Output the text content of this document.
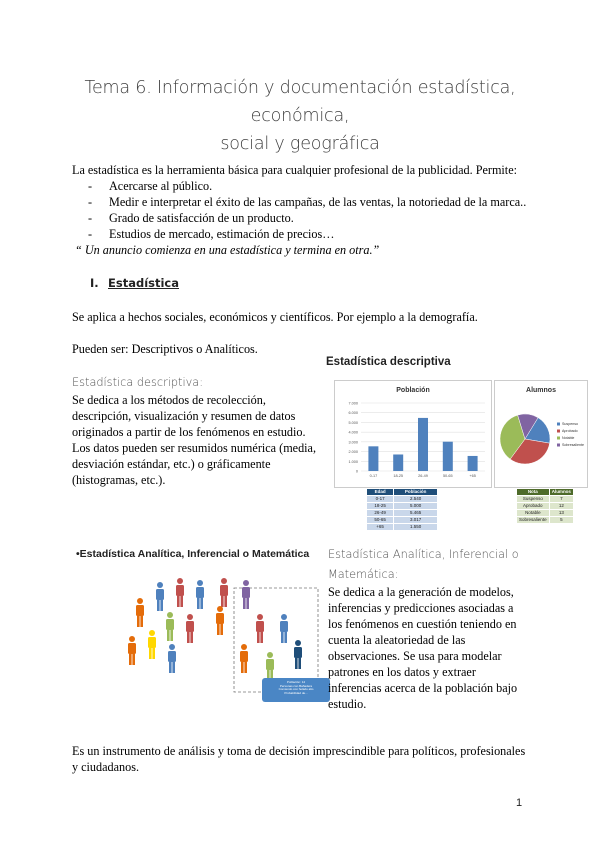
Tema 6. Información y documentación estadística, económica,
social y geográfica
La estadística es la herramienta básica para cualquier profesional de la publicidad. Permite:
- Acercarse al público.
- Medir e interpretar el éxito de las campañas, de las ventas, la notoriedad de la marca..
- Grado de satisfacción de un producto.
- Estudios de mercado, estimación de precios…
“ Un anuncio comienza en una estadística y termina en otra.”
I. Estadística
Se aplica a hechos sociales, económicos y científicos. Por ejemplo a la demografía.
Pueden ser: Descriptivos o Analíticos.
Estadística descriptiva:
Se dedica a los métodos de recolección,
descripción, visualización y resumen de datos
originados a partir de los fenómenos en estudio.
Los datos pueden ser resumidos numérica (media,
desviación estándar, etc.) o gráficamente
(histogramas, etc.).
Estadística descriptiva
Población
0
1.000
2.000
3.000
4.000
5.000
6.000
7.000
0-17	18-25	26-49	50-65	+65
Alumnos
Suspenso
Aprobado
Notable
Sobresaliente
Edad	Población
0-17	2.540
18-25	5.000
26-49	5.465
50-65	3.017
+65	1.550
Nota	Alumnos
Suspenso	7
Aprobado	12
Notable	13
Sobresaliente	5
•Estadística Analítica, Inferencial o Matemática
Población: 14
Personas con Bañadera
Comiendo con helado alto
Probabilidad de...
Estadística Analítica, Inferencial o
Matemática:
Se dedica a la generación de modelos,
inferencias y predicciones asociadas a
los fenómenos en cuestión teniendo en
cuenta la aleatoriedad de las
observaciones. Se usa para modelar
patrones en los datos y extraer
inferencias acerca de la población bajo
estudio.
Es un instrumento de análisis y toma de decisión imprescindible para políticos, profesionales y ciudadanos.
1
